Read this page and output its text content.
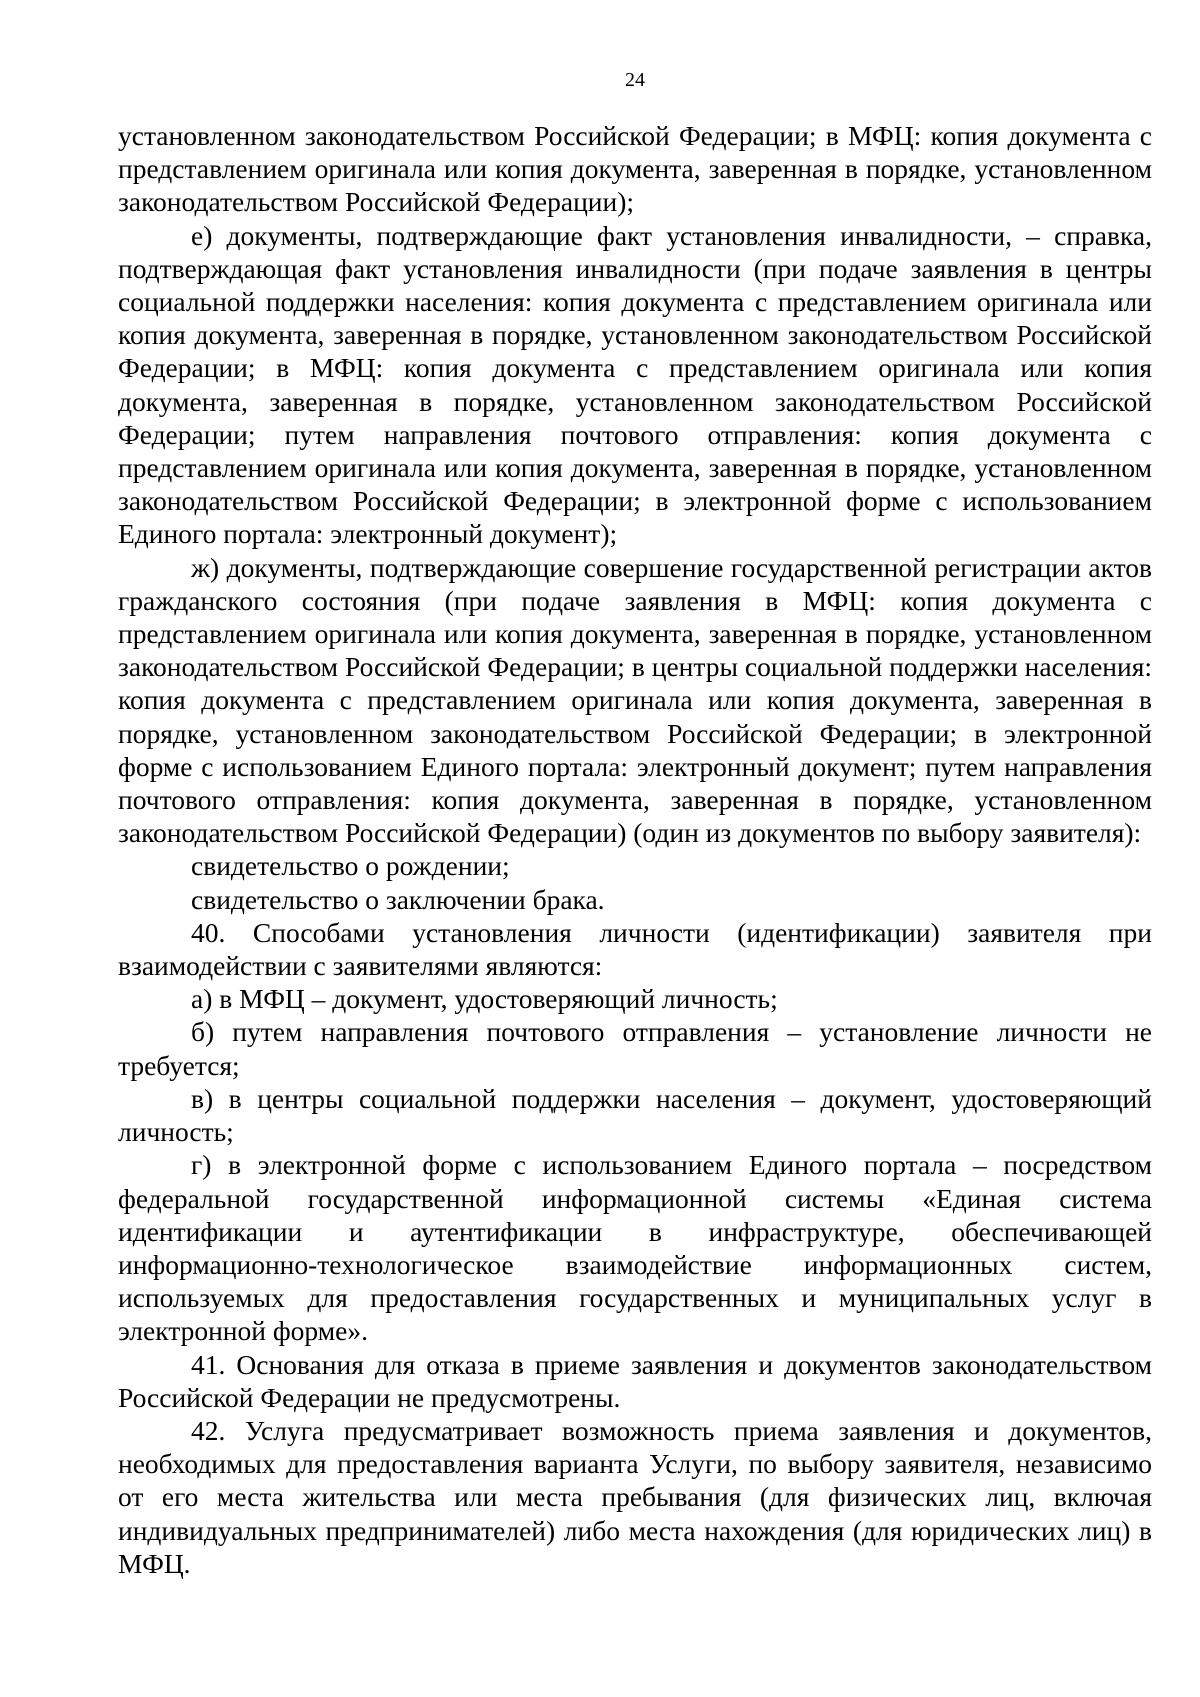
24

установленном законодательством Российской Федерации; в МФЦ: копия документа с представлением оригинала или копия документа, заверенная в порядке, установленном законодательством Российской Федерации);

е) документы, подтверждающие факт установления инвалидности, – справка, подтверждающая факт установления инвалидности (при подаче заявления в центры социальной поддержки населения: копия документа с представлением оригинала или копия документа, заверенная в порядке, установленном законодательством Российской Федерации; в МФЦ: копия документа с представлением оригинала или копия документа, заверенная в порядке, установленном законодательством Российской Федерации; путем направления почтового отправления: копия документа с представлением оригинала или копия документа, заверенная в порядке, установленном законодательством Российской Федерации; в электронной форме с использованием Единого портала: электронный документ);

ж) документы, подтверждающие совершение государственной регистрации актов гражданского состояния (при подаче заявления в МФЦ: копия документа с представлением оригинала или копия документа, заверенная в порядке, установленном законодательством Российской Федерации; в центры социальной поддержки населения: копия документа с представлением оригинала или копия документа, заверенная в порядке, установленном законодательством Российской Федерации; в электронной форме с использованием Единого портала: электронный документ; путем направления почтового отправления: копия документа, заверенная в порядке, установленном законодательством Российской Федерации) (один из документов по выбору заявителя):

свидетельство о рождении;

свидетельство о заключении брака.

40. Способами установления личности (идентификации) заявителя при взаимодействии с заявителями являются:

а) в МФЦ – документ, удостоверяющий личность;

б) путем направления почтового отправления – установление личности не требуется;

в) в центры социальной поддержки населения – документ, удостоверяющий личность;

г) в электронной форме с использованием Единого портала – посредством федеральной государственной информационной системы «Единая система идентификации и аутентификации в инфраструктуре, обеспечивающей информационно-технологическое взаимодействие информационных систем, используемых для предоставления государственных и муниципальных услуг в электронной форме».

41. Основания для отказа в приеме заявления и документов законодательством Российской Федерации не предусмотрены.

42. Услуга предусматривает возможность приема заявления и документов, необходимых для предоставления варианта Услуги, по выбору заявителя, независимо от его места жительства или места пребывания (для физических лиц, включая индивидуальных предпринимателей) либо места нахождения (для юридических лиц) в МФЦ.
